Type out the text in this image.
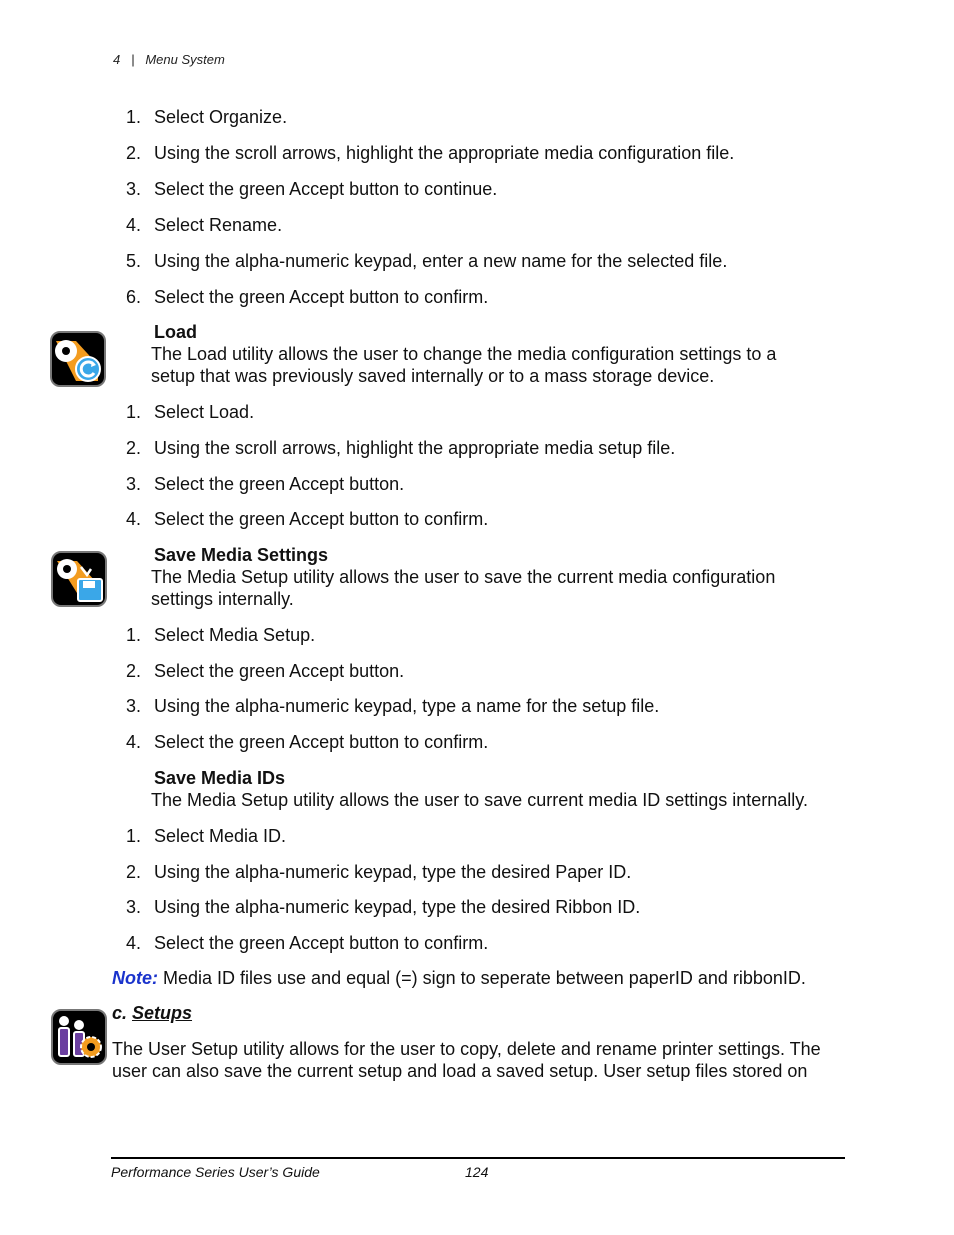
4 | Menu System
1. Select Organize.
2. Using the scroll arrows, highlight the appropriate media configuration file.
3. Select the green Accept button to continue.
4. Select Rename.
5. Using the alpha-numeric keypad, enter a new name for the selected file.
6. Select the green Accept button to confirm.
Load
The Load utility allows the user to change the media configuration settings to a
setup that was previously saved internally or to a mass storage device.
1. Select Load.
2. Using the scroll arrows, highlight the appropriate media setup file.
3. Select the green Accept button.
4. Select the green Accept button to confirm.
Save Media Settings
The Media Setup utility allows the user to save the current media configuration
settings internally.
1. Select Media Setup.
2. Select the green Accept button.
3. Using the alpha-numeric keypad, type a name for the setup file.
4. Select the green Accept button to confirm.
Save Media IDs
The Media Setup utility allows the user to save current media ID settings internally.
1. Select Media ID.
2. Using the alpha-numeric keypad, type the desired Paper ID.
3. Using the alpha-numeric keypad, type the desired Ribbon ID.
4. Select the green Accept button to confirm.
Note: Media ID files use and equal (=) sign to seperate between paperID and ribbonID.
c. Setups
The User Setup utility allows for the user to copy, delete and rename printer settings. The
user can also save the current setup and load a saved setup. User setup files stored on
Performance Series User’s Guide	124
